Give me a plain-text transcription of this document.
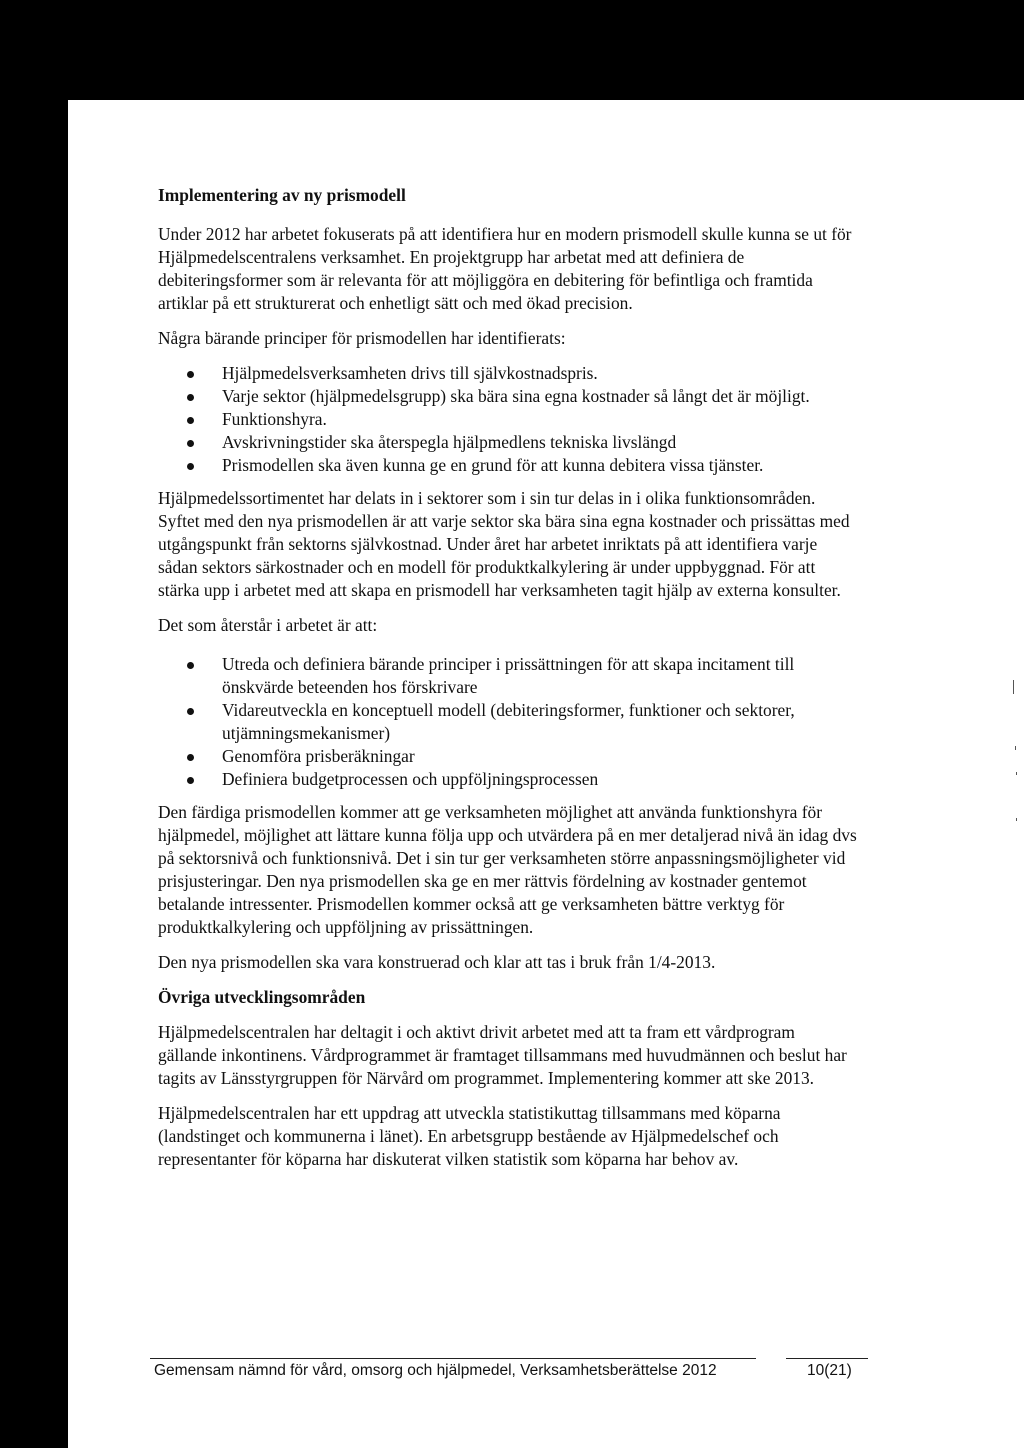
Implementering av ny prismodell

Under 2012 har arbetet fokuserats på att identifiera hur en modern prismodell skulle kunna se ut för Hjälpmedelscentralens verksamhet. En projektgrupp har arbetat med att definiera de debiteringsformer som är relevanta för att möjliggöra en debitering för befintliga och framtida artiklar på ett strukturerat och enhetligt sätt och med ökad precision.

Några bärande principer för prismodellen har identifierats:

Hjälpmedelsverksamheten drivs till självkostnadspris.
Varje sektor (hjälpmedelsgrupp) ska bära sina egna kostnader så långt det är möjligt.
Funktionshyra.
Avskrivningstider ska återspegla hjälpmedlens tekniska livslängd
Prismodellen ska även kunna ge en grund för att kunna debitera vissa tjänster.

Hjälpmedelssortimentet har delats in i sektorer som i sin tur delas in i olika funktionsområden. Syftet med den nya prismodellen är att varje sektor ska bära sina egna kostnader och prissättas med utgångspunkt från sektorns självkostnad. Under året har arbetet inriktats på att identifiera varje sådan sektors särkostnader och en modell för produktkalkylering är under uppbyggnad. För att stärka upp i arbetet med att skapa en prismodell har verksamheten tagit hjälp av externa konsulter.

Det som återstår i arbetet är att:

Utreda och definiera bärande principer i prissättningen för att skapa incitament till önskvärde beteenden hos förskrivare
Vidareutveckla en konceptuell modell (debiteringsformer, funktioner och sektorer, utjämningsmekanismer)
Genomföra prisberäkningar
Definiera budgetprocessen och uppföljningsprocessen

Den färdiga prismodellen kommer att ge verksamheten möjlighet att använda funktionshyra för hjälpmedel, möjlighet att lättare kunna följa upp och utvärdera på en mer detaljerad nivå än idag dvs på sektorsnivå och funktionsnivå. Det i sin tur ger verksamheten större anpassningsmöjligheter vid prisjusteringar. Den nya prismodellen ska ge en mer rättvis fördelning av kostnader gentemot betalande intressenter. Prismodellen kommer också att ge verksamheten bättre verktyg för produktkalkylering och uppföljning av prissättningen.

Den nya prismodellen ska vara konstruerad och klar att tas i bruk från 1/4-2013.

Övriga utvecklingsområden

Hjälpmedelscentralen har deltagit i och aktivt drivit arbetet med att ta fram ett vårdprogram gällande inkontinens. Vårdprogrammet är framtaget tillsammans med huvudmännen och beslut har tagits av Länsstyrgruppen för Närvård om programmet. Implementering kommer att ske 2013.

Hjälpmedelscentralen har ett uppdrag att utveckla statistikuttag tillsammans med köparna (landstinget och kommunerna i länet). En arbetsgrupp bestående av Hjälpmedelschef och representanter för köparna har diskuterat vilken statistik som köparna har behov av.

Gemensam nämnd för vård, omsorg och hjälpmedel, Verksamhetsberättelse 2012	10(21)
